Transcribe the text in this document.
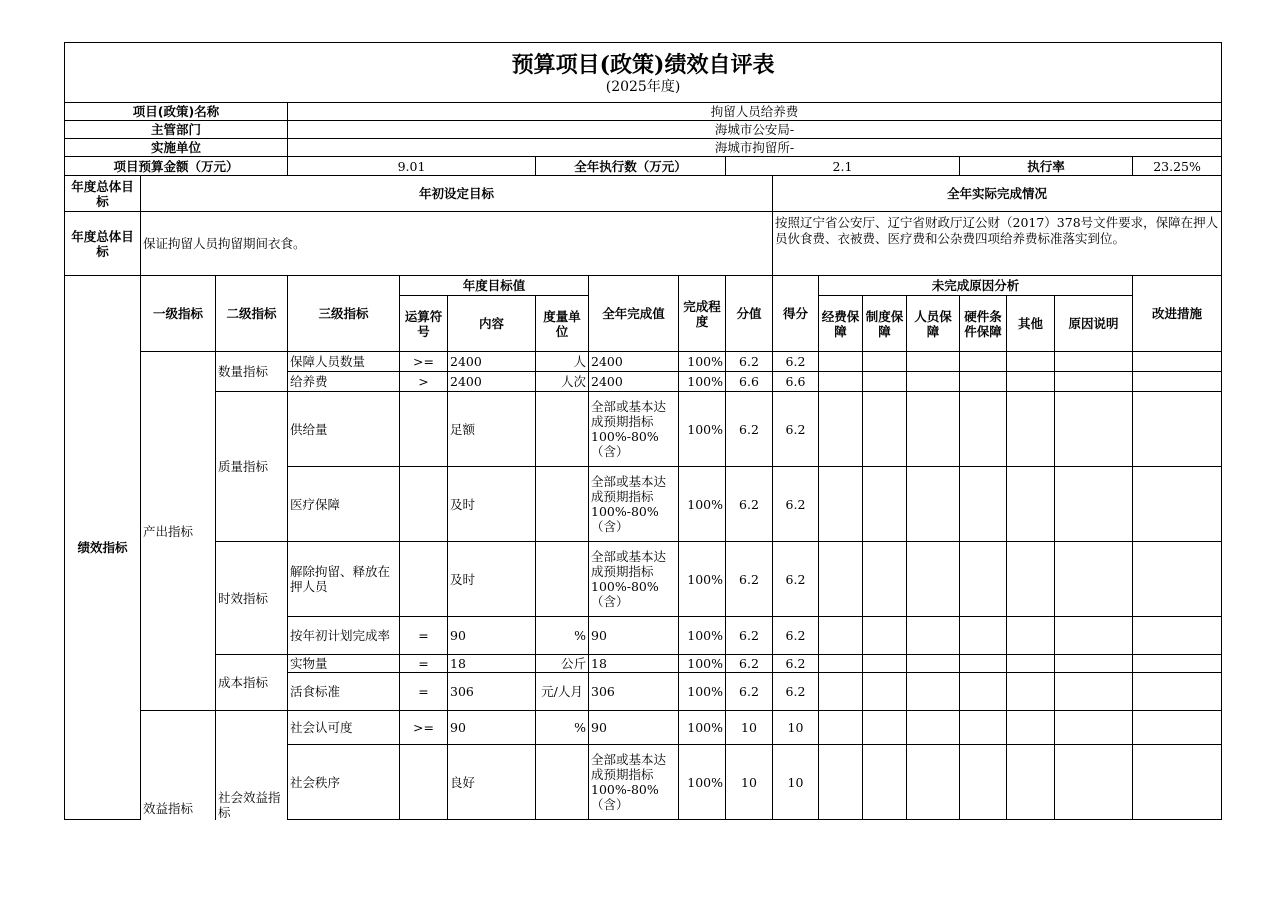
预算项目(政策)绩效自评表
(2025年度)																	

项目(政策)名称			拘留人员给养费														
主管部门			海城市公安局-														
实施单位			海城市拘留所-														
项目预算金额（万元）			9.01			全年执行数（万元）			2.1					执行率			23.25%
年度总体目标	年初设定目标									全年实际完成情况							
年度总体目标	保证拘留人员拘留期间衣食。									按照辽宁省公安厅、辽宁省财政厅辽公财（2017）378号文件要求，保障在押人员伙食费、衣被费、医疗费和公杂费四项给养费标准落实到位。							
绩效指标	一级指标	二级指标	三级指标	年度目标值			全年完成值	完成程度	分值	得分	未完成原因分析						改进措施
				运算符号	内容	度量单位					经费保障	制度保障	人员保障	硬件条件保障	其他	原因说明	
	产出指标	数量指标	保障人员数量	>=	2400	人	2400	100%	6.2	6.2							
			给养费	>	2400	人次	2400	100%	6.6	6.6							
		质量指标	供给量		足额		全部或基本达成预期指标100%-80%（含）	100%	6.2	6.2							
			医疗保障		及时		全部或基本达成预期指标100%-80%（含）	100%	6.2	6.2							
		时效指标	解除拘留、释放在押人员		及时		全部或基本达成预期指标100%-80%（含）	100%	6.2	6.2							
			按年初计划完成率	=	90	%	90	100%	6.2	6.2							
		成本指标	实物量	=	18	公斤	18	100%	6.2	6.2							
			活食标准	=	306	元/人月	306	100%	6.2	6.2							
	效益指标	社会效益指标	社会认可度	>=	90	%	90	100%	10	10							
			社会秩序		良好		全部或基本达成预期指标100%-80%（含）	100%	10	10							
